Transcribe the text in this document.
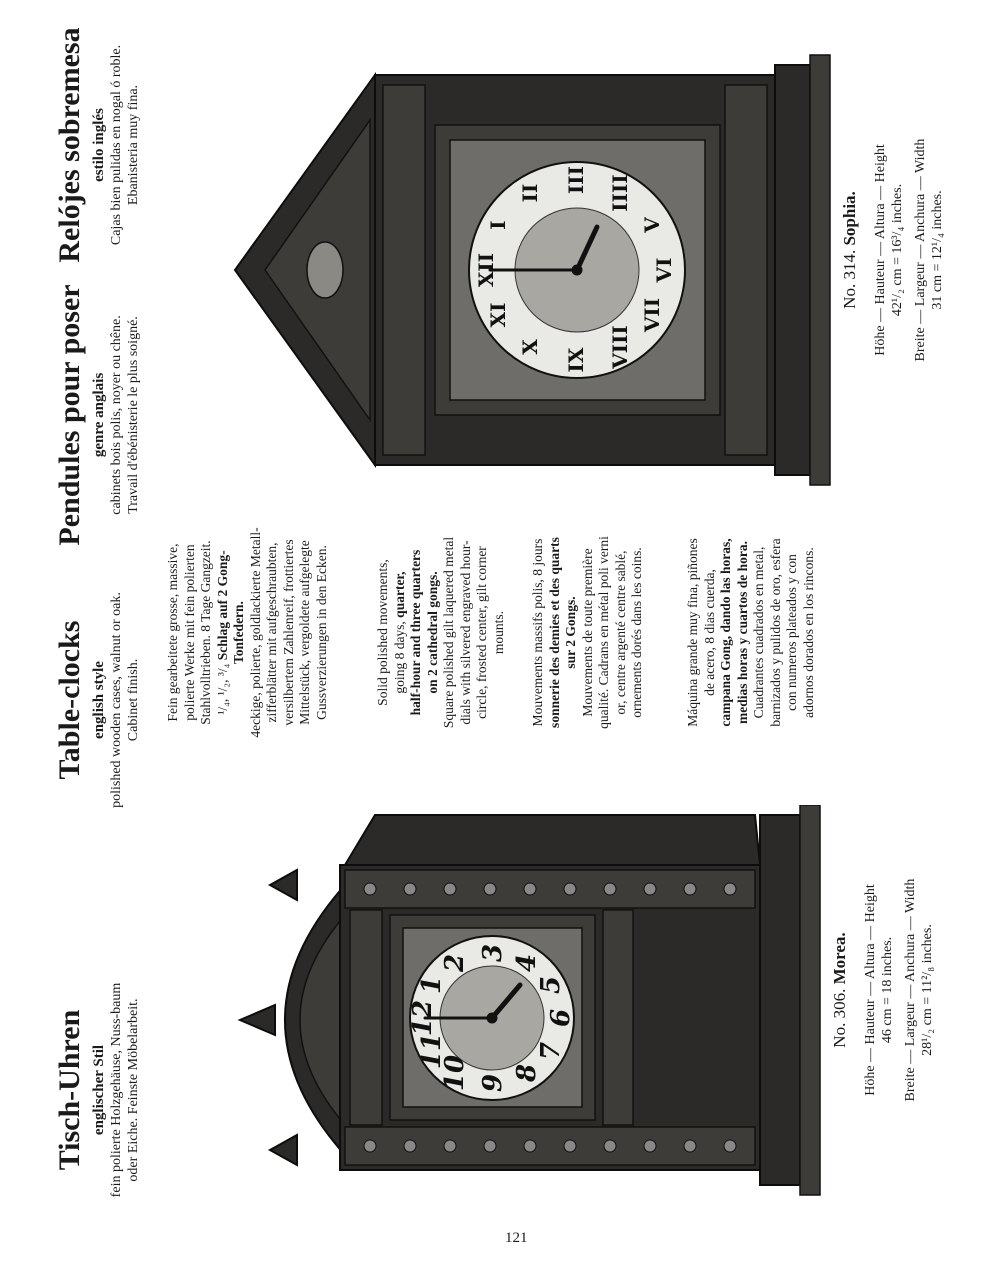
Tisch-Uhren englischer Stil fein polierte Holzgehäuse, Nuss-baum oder Eiche. Feinste Möbelarbeit.
Table-clocks english style polished wooden cases, walnut or oak. Cabinet finish.
Pendules pour poser genre anglais cabinets bois polis, noyer ou chêne. Travail d'ébénisterie le plus soigné.
Relójes sobremesa estilo inglés Cajas bien pulidas en nogal ó roble. Ebanisteria muy fina.
12
1
2
3
4
5
6
7
8
9
10
11
XII
I
II III IIII
V
VI
VII
VIII
IX
X
XI
Fein gearbeitete grosse, massive, polierte Werke mit fein polierten Stahlvolltrieben. 8 Tage Gangzeit. ¹/₄, ¹/₂, ³/₄ Schlag auf 2 Gong- Tonfedern. 4eckige, polierte, goldlackierte Metall- zifferblätter mit aufgeschraubten, versilbertem Zahlenreif, frottiertes Mittelstück, vergoldete aufgelegte Gussverzierungen in den Ecken.	Solid polished movements, going 8 days, quarter, half-hour and three quarters on 2 cathedral gongs. Square polished gilt laquered metal dials with silvered engraved hour- circle, frosted center, gilt corner mounts. Mouvements massifs polis, 8 jours sonnerie des demies et des quarts sur 2 Gongs. Mouvements de toute première qualité. Cadrans en métal poli verni or, centre argenté centre sablé, ornements dorés dans les coins.	Máquina grande muy fina, piñones de acero, 8 dias cuerda, campana Gong, dando las horas, medias horas y cuartos de hora. Cuadrantes cuadrados en metal, barnizados y pulidos de oro, esfera con numeros plateados y con adornos dorados en los rincons.
No. 306. Morea. Höhe — Hauteur — Altura — Height 46 cm = 18 inches. Breite — Largeur — Anchura — Width 28¹/₂ cm = 11²/₈ inches.
No. 314. Sophia. Höhe — Hauteur — Altura — Height 42¹/₂ cm = 16³/₄ inches. Breite — Largeur — Anchura — Width 31 cm = 12¹/₄ inches.
121
